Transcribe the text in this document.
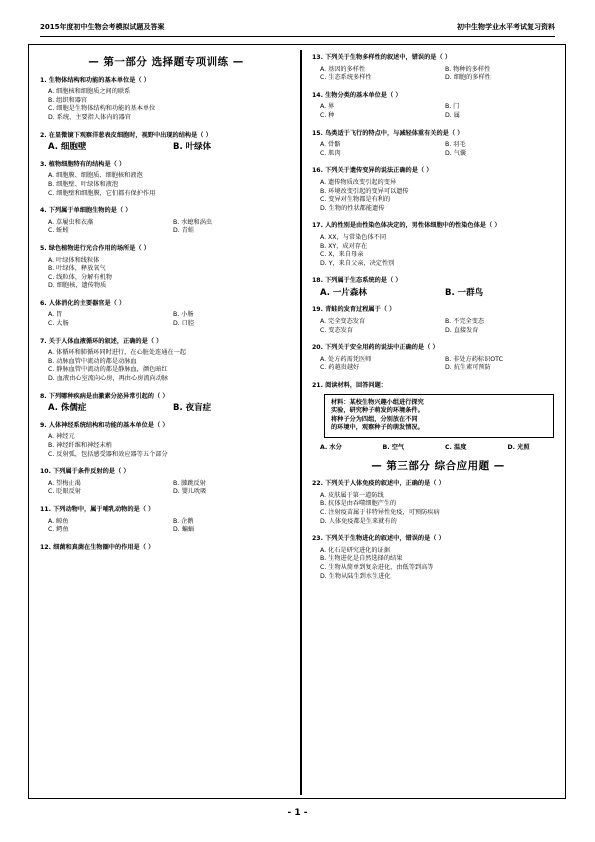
2015年度初中生物会考模拟试题及答案	初中生物学业水平考试复习资料
— 第一部分 选择题专项训练 —
1. 生物体结构和功能的基本单位是（ ）
A. 细胞核和细胞质之间的联系
B. 组织和器官
C. 细胞是生物体结构和功能的基本单位
D. 系统，主要指人体内的器官
2. 在显微镜下观察洋葱表皮细胞时，视野中出现的结构是（ ）
A. 细胞壁	B. 叶绿体
3. 植物细胞特有的结构是（ ）
A. 细胞膜、细胞质、细胞核和液泡
B. 细胞壁、叶绿体和液泡
C. 细胞壁和细胞膜，它们都有保护作用
4. 下列属于单细胞生物的是（ ）
A. 草履虫和衣藻	B. 水螅和涡虫
C. 蚯蚓	D. 青蛙
5. 绿色植物进行光合作用的场所是（ ）
A. 叶绿体和线粒体
B. 叶绿体，释放氧气
C. 线粒体，分解有机物
D. 细胞核，遗传物质
6. 人体消化的主要器官是（ ）
A. 胃	B. 小肠
C. 大肠	D. 口腔
7. 关于人体血液循环的叙述，正确的是（ ）
A. 体循环和肺循环同时进行，在心脏处连通在一起
B. 动脉血管中流动的都是动脉血
C. 静脉血管中流动的都是静脉血，颜色暗红
D. 血液由心室流向心房，再由心房流向动脉
8. 下列哪种疾病是由激素分泌异常引起的（ ）
A. 侏儒症	B. 夜盲症
9. 人体神经系统结构和功能的基本单位是（ ）
A. 神经元
B. 神经纤维和神经末梢
C. 反射弧，包括感受器和效应器等五个部分
10. 下列属于条件反射的是（ ）
A. 望梅止渴	B. 膝跳反射
C. 眨眼反射	D. 婴儿吮吸
11. 下列动物中，属于哺乳动物的是（ ）
A. 鲸鱼	B. 企鹅
C. 鳄鱼	D. 蝙蝠
12. 细菌和真菌在生物圈中的作用是（ ）
13. 下列关于生物多样性的叙述中，错误的是（ ）
A. 基因的多样性	B. 物种的多样性
C. 生态系统多样性	D. 细胞的多样性
14. 生物分类的基本单位是（ ）
A. 界	B. 门
C. 种	D. 属
15. 鸟类适于飞行的特点中，与减轻体重有关的是（ ）
A. 骨骼	B. 羽毛
C. 肌肉	D. 气囊
16. 下列关于遗传变异的说法正确的是（ ）
A. 遗传物质改变引起的变异
B. 环境改变引起的变异可以遗传
C. 变异对生物都是有利的
D. 生物的性状都能遗传
17. 人的性别是由性染色体决定的，男性体细胞中的性染色体是（ ）
A. XX，与常染色体不同
B. XY，成对存在
C. X，来自母亲
D. Y，来自父亲，决定性别
18. 下列属于生态系统的是（ ）
A. 一片森林	B. 一群鸟
19. 青蛙的发育过程属于（ ）
A. 完全变态发育	B. 不完全变态
C. 变态发育	D. 直接发育
20. 下列关于安全用药的说法中正确的是（ ）
A. 处方药需凭医师	B. 非处方药标识OTC
C. 药越贵越好	D. 抗生素可预防
21. 阅读材料，回答问题：
材料：某校生物兴趣小组进行探究
实验，研究种子萌发的环境条件。
将种子分为四组，分别放在不同
的环境中，观察种子的萌发情况。
A. 水分	B. 空气	C. 温度	D. 光照
— 第三部分 综合应用题 —
22. 下列关于人体免疫的叙述中，正确的是（ ）
A. 皮肤属于第一道防线
B. 抗体是由吞噬细胞产生的
C. 注射疫苗属于非特异性免疫，可预防疾病
D. 人体免疫都是生来就有的
23. 下列关于生物进化的叙述中，错误的是（ ）
A. 化石是研究进化的证据
B. 生物进化是自然选择的结果
C. 生物从简单到复杂进化，由低等到高等
D. 生物从陆生到水生进化
- 1 -
